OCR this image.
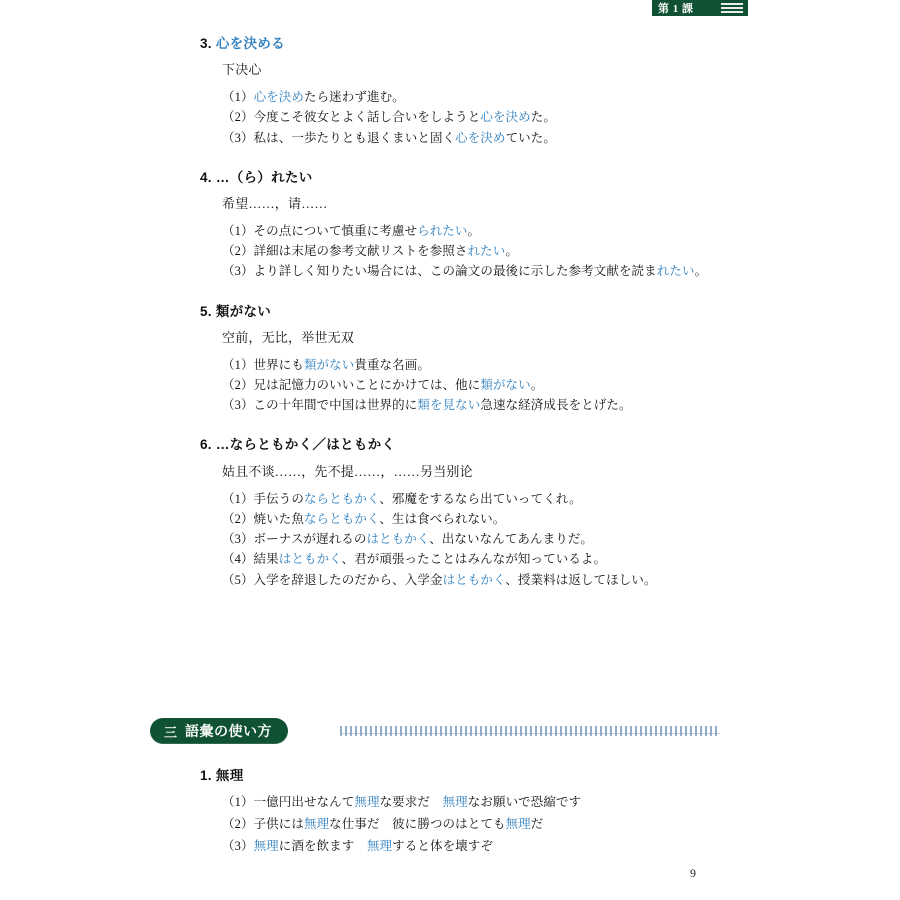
第 1 課
3. 心を決める
下决心
（1）心を決めたら迷わず進む。
（2）今度こそ彼女とよく話し合いをしようと心を決めた。
（3）私は、一歩たりとも退くまいと固く心を決めていた。
4. …（ら）れたい
希望……，请……
（1）その点について慎重に考慮せられたい。
（2）詳細は末尾の参考文献リストを参照されたい。
（3）より詳しく知りたい場合には、この論文の最後に示した参考文献を読まれたい。
5. 類がない
空前，无比，举世无双
（1）世界にも類がない貴重な名画。
（2）兄は記憶力のいいことにかけては、他に類がない。
（3）この十年間で中国は世界的に類を見ない急速な経済成長をとげた。
6. …ならともかく／はともかく
姑且不谈……，先不提……，……另当别论
（1）手伝うのならともかく、邪魔をするなら出ていってくれ。
（2）焼いた魚ならともかく、生は食べられない。
（3）ボーナスが遅れるのはともかく、出ないなんてあんまりだ。
（4）結果はともかく、君が頑張ったことはみんなが知っているよ。
（5）入学を辞退したのだから、入学金はともかく、授業料は返してほしい。
三 語彙の使い方
1. 無理
（1）一億円出せなんて無理な要求だ　無理なお願いで恐縮です
（2）子供には無理な仕事だ　彼に勝つのはとても無理だ
（3）無理に酒を飲ます　無理すると体を壊すぞ
9
